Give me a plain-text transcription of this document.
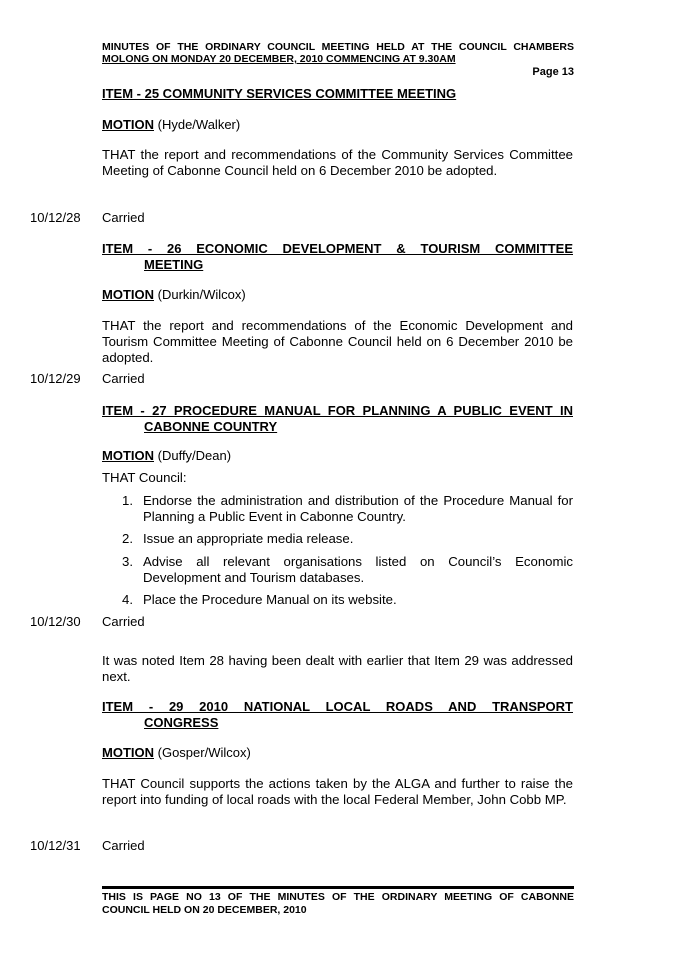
MINUTES OF THE ORDINARY COUNCIL MEETING HELD AT THE COUNCIL CHAMBERS
MOLONG ON MONDAY 20 DECEMBER, 2010 COMMENCING AT 9.30AM
Page 13
ITEM - 25 COMMUNITY SERVICES COMMITTEE MEETING
MOTION (Hyde/Walker)
THAT the report and recommendations of the Community Services Committee Meeting of Cabonne Council held on 6 December 2010 be adopted.
10/12/28 Carried
ITEM - 26 ECONOMIC DEVELOPMENT & TOURISM COMMITTEE
MEETING
MOTION (Durkin/Wilcox)
THAT the report and recommendations of the Economic Development and Tourism Committee Meeting of Cabonne Council held on 6 December 2010 be adopted.
10/12/29 Carried
ITEM - 27 PROCEDURE MANUAL FOR PLANNING A PUBLIC EVENT IN
CABONNE COUNTRY
MOTION (Duffy/Dean)
THAT Council:
1. Endorse the administration and distribution of the Procedure Manual for Planning a Public Event in Cabonne Country.
2. Issue an appropriate media release.
3. Advise all relevant organisations listed on Council’s Economic Development and Tourism databases.
4. Place the Procedure Manual on its website.
10/12/30 Carried
It was noted Item 28 having been dealt with earlier that Item 29 was addressed next.
ITEM - 29 2010 NATIONAL LOCAL ROADS AND TRANSPORT
CONGRESS
MOTION (Gosper/Wilcox)
THAT Council supports the actions taken by the ALGA and further to raise the report into funding of local roads with the local Federal Member, John Cobb MP.
10/12/31 Carried
THIS IS PAGE NO 13 OF THE MINUTES OF THE ORDINARY MEETING OF CABONNE
COUNCIL HELD ON 20 DECEMBER, 2010
